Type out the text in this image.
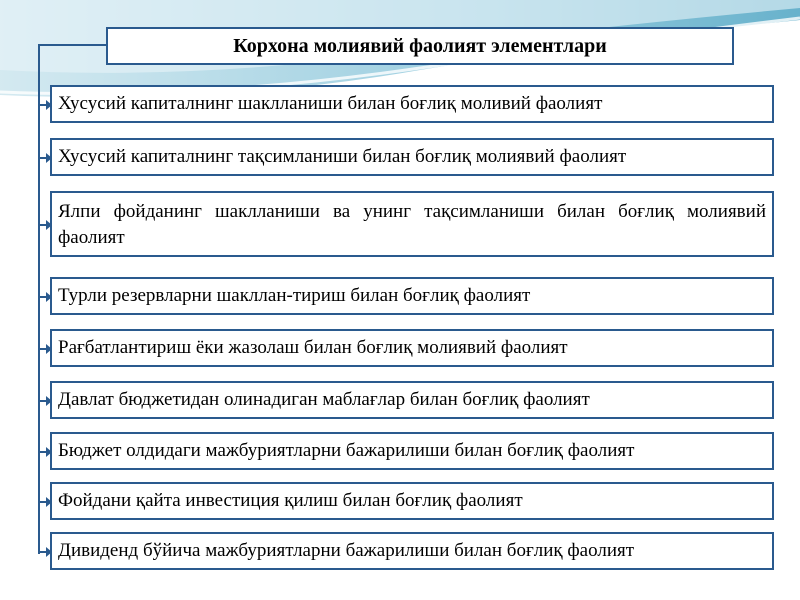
Корхона молиявий фаолият элементлари
Хусусий капиталнинг шаклланиши билан боғлиқ моливий фаолият
Хусусий капиталнинг тақсимланиши билан боғлиқ молиявий фаолият
Ялпи фойданинг шаклланиши ва унинг тақсимланиши билан боғлиқ молиявий фаолият
Турли резервларни шакллан-тириш билан боғлиқ фаолият
Рағбатлантириш ёки жазолаш билан боғлиқ молиявий фаолият
Давлат бюджетидан олинадиган маблағлар билан боғлиқ фаолият
Бюджет олдидаги мажбуриятларни бажарилиши билан боғлиқ фаолият
Фойдани қайта инвестиция қилиш билан боғлиқ фаолият
Дивиденд бўйича мажбуриятларни бажарилиши билан боғлиқ фаолият
